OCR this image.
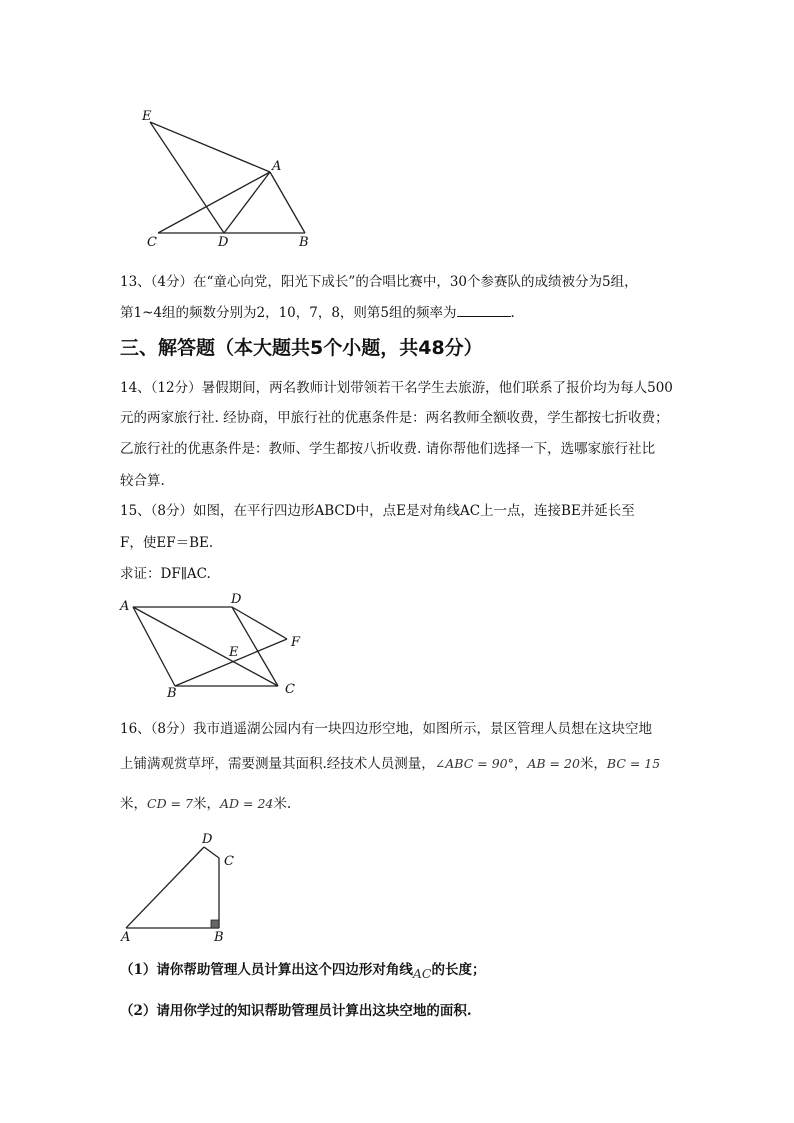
E
A
C	D	B
13、（4分）在“童心向党，阳光下成长”的合唱比赛中，30个参赛队的成绩被分为5组，
第1~4组的频数分别为2，10，7，8，则第5组的频率为	.
三、解答题（本大题共5个小题，共48分）
14、（12分）暑假期间，两名教师计划带领若干名学生去旅游，他们联系了报价均为每人500
元的两家旅行社. 经协商，甲旅行社的优惠条件是：两名教师全额收费，学生都按七折收费；
乙旅行社的优惠条件是：教师、学生都按八折收费. 请你帮他们选择一下，选哪家旅行社比
较合算.
15、（8分）如图，在平行四边形ABCD中，点E是对角线AC上一点，连接BE并延长至
F，使EF＝BE.
求证：DF∥AC.
A	D
F
E
B	C
16、（8分）我市逍遥湖公园内有一块四边形空地，如图所示，景区管理人员想在这块空地
上铺满观赏草坪，需要测量其面积.经技术人员测量，∠ABC = 90°，AB = 20米，BC = 15
米，CD = 7米，AD = 24米.
D
C
A	B
（1）请你帮助管理人员计算出这个四边形对角线AC的长度；
（2）请用你学过的知识帮助管理员计算出这块空地的面积.
